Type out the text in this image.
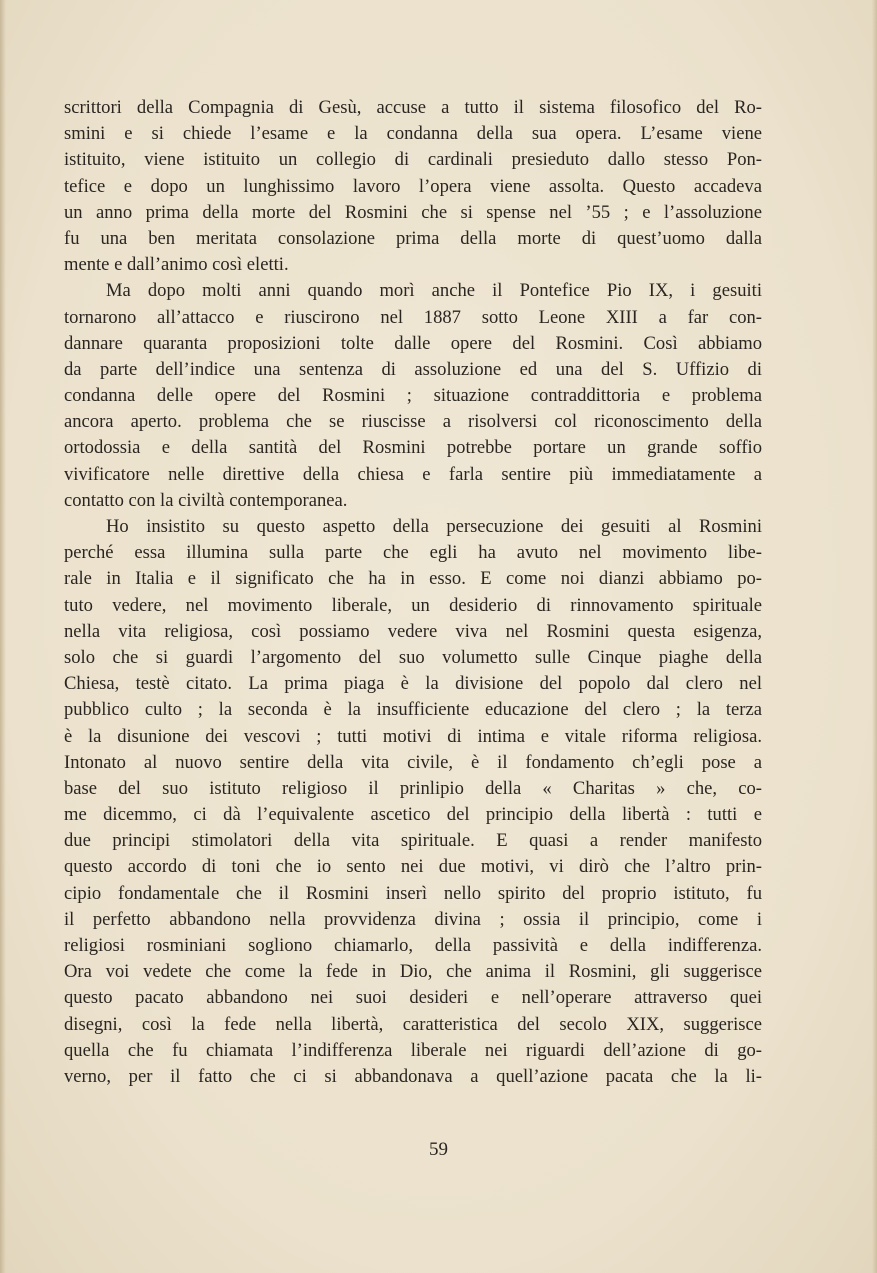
scrittori della Compagnia di Gesù, accuse a tutto il sistema filosofico del Ro-
smini e si chiede l’esame e la condanna della sua opera. L’esame viene
istituito, viene istituito un collegio di cardinali presieduto dallo stesso Pon-
tefice e dopo un lunghissimo lavoro l’opera viene assolta. Questo accadeva
un anno prima della morte del Rosmini che si spense nel ’55 ; e l’assoluzione
fu una ben meritata consolazione prima della morte di quest’uomo dalla
mente e dall’animo così eletti.
Ma dopo molti anni quando morì anche il Pontefice Pio IX, i gesuiti
tornarono all’attacco e riuscirono nel 1887 sotto Leone XIII a far con-
dannare quaranta proposizioni tolte dalle opere del Rosmini. Così abbiamo
da parte dell’indice una sentenza di assoluzione ed una del S. Uffizio di
condanna delle opere del Rosmini ; situazione contraddittoria e problema
ancora aperto. problema che se riuscisse a risolversi col riconoscimento della
ortodossia e della santità del Rosmini potrebbe portare un grande soffio
vivificatore nelle direttive della chiesa e farla sentire più immediatamente a
contatto con la civiltà contemporanea.
Ho insistito su questo aspetto della persecuzione dei gesuiti al Rosmini
perché essa illumina sulla parte che egli ha avuto nel movimento libe-
rale in Italia e il significato che ha in esso. E come noi dianzi abbiamo po-
tuto vedere, nel movimento liberale, un desiderio di rinnovamento spirituale
nella vita religiosa, così possiamo vedere viva nel Rosmini questa esigenza,
solo che si guardi l’argomento del suo volumetto sulle Cinque piaghe della
Chiesa, testè citato. La prima piaga è la divisione del popolo dal clero nel
pubblico culto ; la seconda è la insufficiente educazione del clero ; la terza
è la disunione dei vescovi ; tutti motivi di intima e vitale riforma religiosa.
Intonato al nuovo sentire della vita civile, è il fondamento ch’egli pose a
base del suo istituto religioso il prinlipio della « Charitas » che, co-
me dicemmo, ci dà l’equivalente ascetico del principio della libertà : tutti e
due principi stimolatori della vita spirituale. E quasi a render manifesto
questo accordo di toni che io sento nei due motivi, vi dirò che l’altro prin-
cipio fondamentale che il Rosmini inserì nello spirito del proprio istituto, fu
il perfetto abbandono nella provvidenza divina ; ossia il principio, come i
religiosi rosminiani sogliono chiamarlo, della passività e della indifferenza.
Ora voi vedete che come la fede in Dio, che anima il Rosmini, gli suggerisce
questo pacato abbandono nei suoi desideri e nell’operare attraverso quei
disegni, così la fede nella libertà, caratteristica del secolo XIX, suggerisce
quella che fu chiamata l’indifferenza liberale nei riguardi dell’azione di go-
verno, per il fatto che ci si abbandonava a quell’azione pacata che la li-
59
